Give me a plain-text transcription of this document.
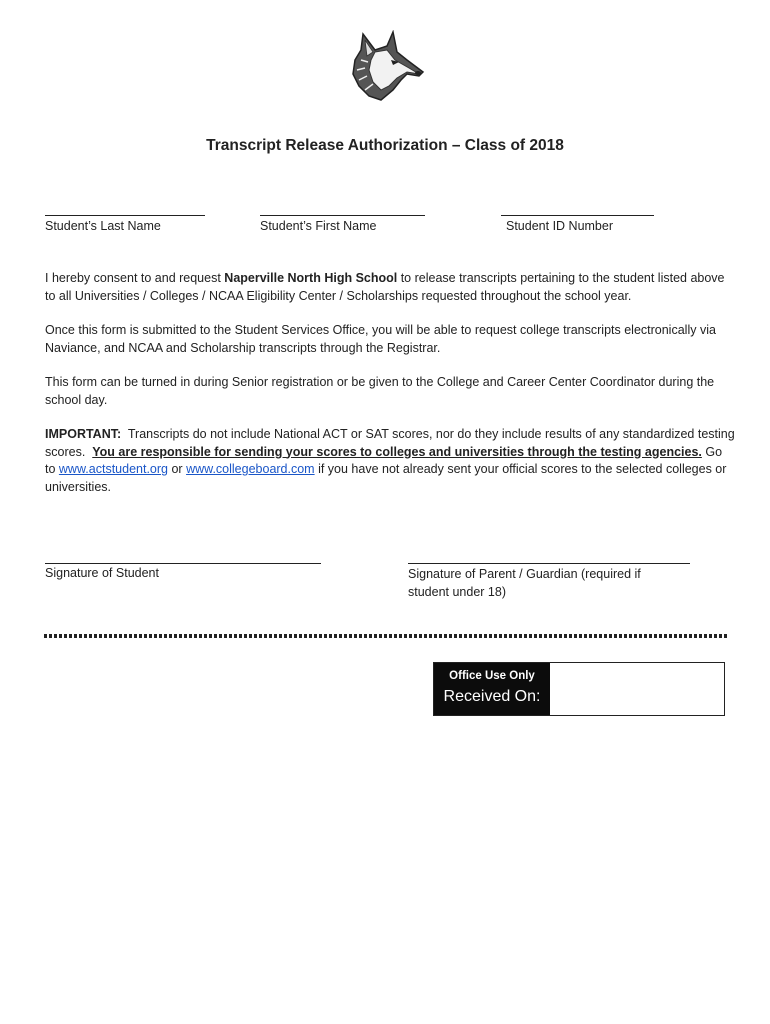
Transcript Release Authorization – Class of 2018
Student’s Last Name	Student’s First Name	Student ID Number
I hereby consent to and request Naperville North High School to release transcripts pertaining to the student listed above to all Universities / Colleges / NCAA Eligibility Center / Scholarships requested throughout the school year.
Once this form is submitted to the Student Services Office, you will be able to request college transcripts electronically via Naviance, and NCAA and Scholarship transcripts through the Registrar.
This form can be turned in during Senior registration or be given to the College and Career Center Coordinator during the school day.
IMPORTANT:  Transcripts do not include National ACT or SAT scores, nor do they include results of any standardized testing scores.  You are responsible for sending your scores to colleges and universities through the testing agencies. Go to www.actstudent.org or www.collegeboard.com if you have not already sent your official scores to the selected colleges or universities.
Signature of Student	Signature of Parent / Guardian (required if student under 18)
Office Use Only
Received On:
